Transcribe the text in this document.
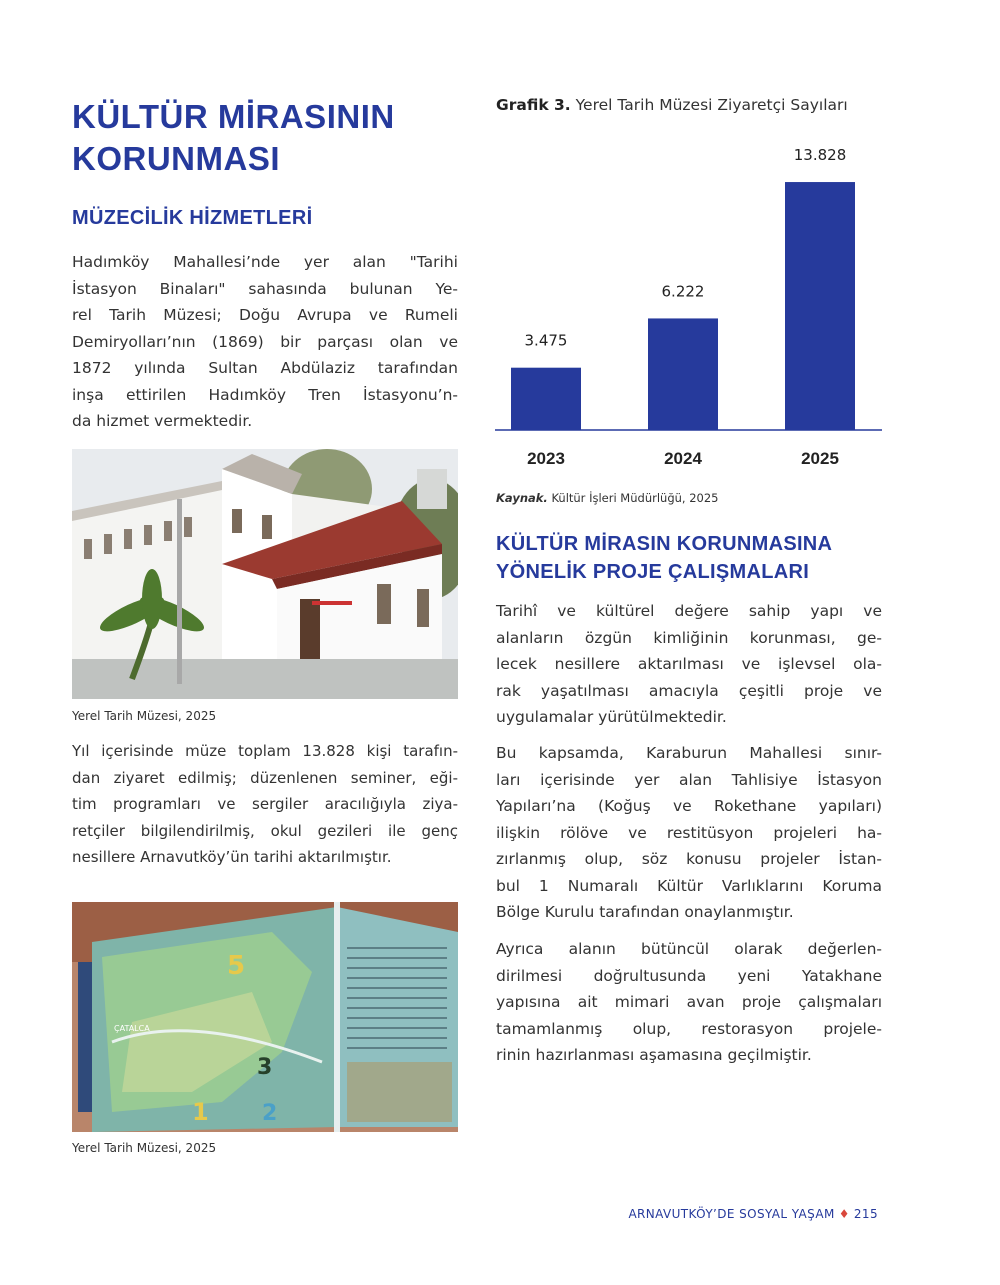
KÜLTÜR MİRASININ
KORUNMASI
MÜZECİLİK HİZMETLERİ
Hadımköy Mahallesi’nde yer alan "Tarihi
İstasyon Binaları" sahasında bulunan Ye-
rel Tarih Müzesi; Doğu Avrupa ve Rumeli
Demiryolları’nın (1869) bir parçası olan ve
1872 yılında Sultan Abdülaziz tarafından
inşa ettirilen Hadımköy Tren İstasyonu’n-
da hizmet vermektedir.
Yerel Tarih Müzesi, 2025
Yıl içerisinde müze toplam 13.828 kişi tarafın-
dan ziyaret edilmiş; düzenlenen seminer, eği-
tim programları ve sergiler aracılığıyla ziya-
retçiler bilgilendirilmiş, okul gezileri ile genç
nesillere Arnavutköy’ün tarihi aktarılmıştır.
5
3
1 2
ÇATALCA
Yerel Tarih Müzesi, 2025
Grafik 3. Yerel Tarih Müzesi Ziyaretçi Sayıları
3.475
2023
6.222
2024
13.828
2025
Kaynak. Kültür İşleri Müdürlüğü, 2025
KÜLTÜR MİRASIN KORUNMASINA
YÖNELİK PROJE ÇALIŞMALARI
Tarihî ve kültürel değere sahip yapı ve
alanların özgün kimliğinin korunması, ge-
lecek nesillere aktarılması ve işlevsel ola-
rak yaşatılması amacıyla çeşitli proje ve
uygulamalar yürütülmektedir.
Bu kapsamda, Karaburun Mahallesi sınır-
ları içerisinde yer alan Tahlisiye İstasyon
Yapıları’na (Koğuş ve Rokethane yapıları)
ilişkin rölöve ve restitüsyon projeleri ha-
zırlanmış olup, söz konusu projeler İstan-
bul 1 Numaralı Kültür Varlıklarını Koruma
Bölge Kurulu tarafından onaylanmıştır.
Ayrıca alanın bütüncül olarak değerlen-
dirilmesi doğrultusunda yeni Yatakhane
yapısına ait mimari avan proje çalışmaları
tamamlanmış olup, restorasyon projele-
rinin hazırlanması aşamasına geçilmiştir.
ARNAVUTKÖY’DE SOSYAL YAŞAM ♦ 215
